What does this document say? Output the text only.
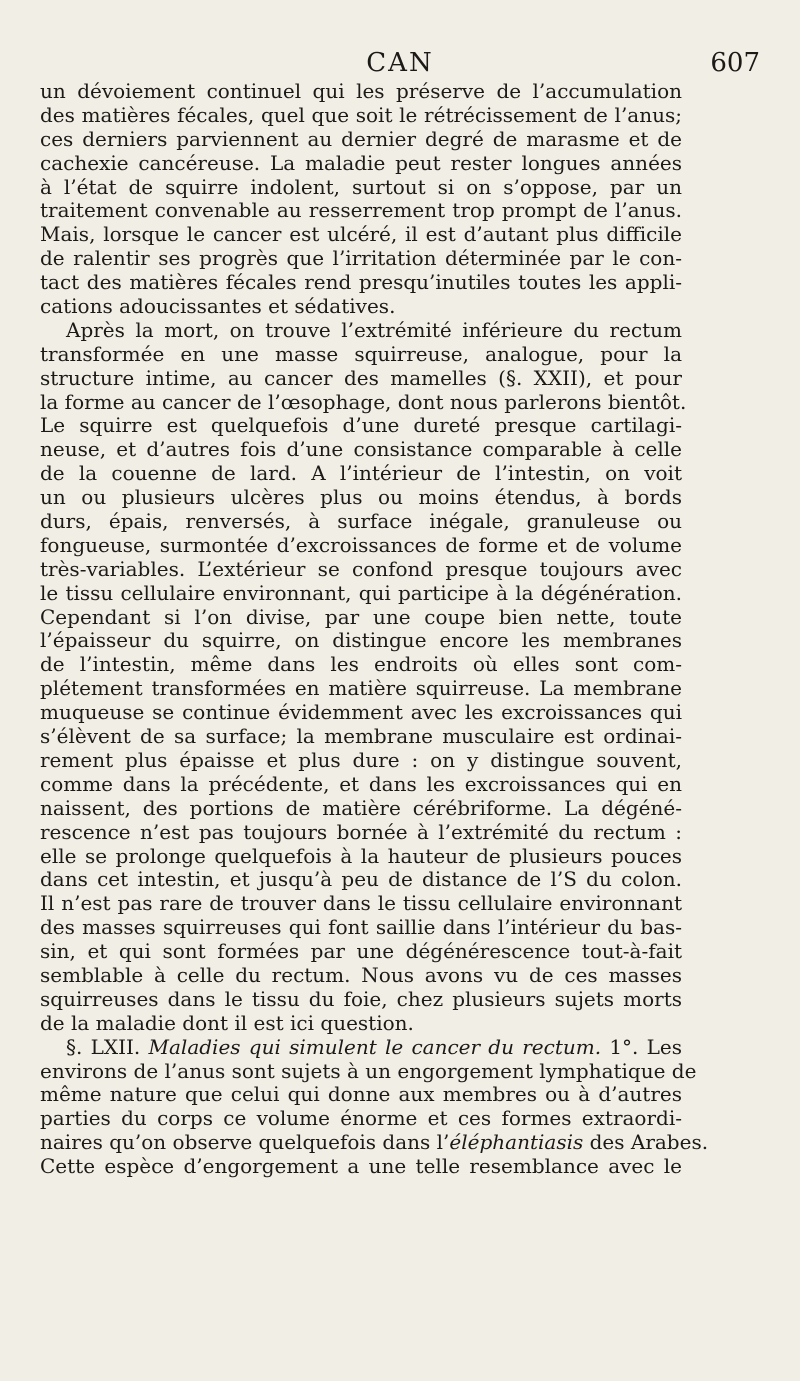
CAN	607
un dévoiement continuel qui les préserve de l’accumulation
des matières fécales, quel que soit le rétrécissement de l’anus;
ces derniers parviennent au dernier degré de marasme et de
cachexie cancéreuse. La maladie peut rester longues années
à l’état de squirre indolent, surtout si on s’oppose, par un
traitement convenable au resserrement trop prompt de l’anus.
Mais, lorsque le cancer est ulcéré, il est d’autant plus difficile
de ralentir ses progrès que l’irritation déterminée par le con-
tact des matières fécales rend presqu’inutiles toutes les appli-
cations adoucissantes et sédatives.
Après la mort, on trouve l’extrémité inférieure du rectum
transformée en une masse squirreuse, analogue, pour la
structure intime, au cancer des mamelles (§. XXII), et pour
la forme au cancer de l’œsophage, dont nous parlerons bientôt.
Le squirre est quelquefois d’une dureté presque cartilagi-
neuse, et d’autres fois d’une consistance comparable à celle
de la couenne de lard. A l’intérieur de l’intestin, on voit
un ou plusieurs ulcères plus ou moins étendus, à bords
durs, épais, renversés, à surface inégale, granuleuse ou
fongueuse, surmontée d’excroissances de forme et de volume
très-variables. L’extérieur se confond presque toujours avec
le tissu cellulaire environnant, qui participe à la dégénération.
Cependant si l’on divise, par une coupe bien nette, toute
l’épaisseur du squirre, on distingue encore les membranes
de l’intestin, même dans les endroits où elles sont com-
plétement transformées en matière squirreuse. La membrane
muqueuse se continue évidemment avec les excroissances qui
s’élèvent de sa surface; la membrane musculaire est ordinai-
rement plus épaisse et plus dure : on y distingue souvent,
comme dans la précédente, et dans les excroissances qui en
naissent, des portions de matière cérébriforme. La dégéné-
rescence n’est pas toujours bornée à l’extrémité du rectum :
elle se prolonge quelquefois à la hauteur de plusieurs pouces
dans cet intestin, et jusqu’à peu de distance de l’S du colon.
Il n’est pas rare de trouver dans le tissu cellulaire environnant
des masses squirreuses qui font saillie dans l’intérieur du bas-
sin, et qui sont formées par une dégénérescence tout-à-fait
semblable à celle du rectum. Nous avons vu de ces masses
squirreuses dans le tissu du foie, chez plusieurs sujets morts
de la maladie dont il est ici question.
§. LXII. Maladies qui simulent le cancer du rectum. 1°. Les
environs de l’anus sont sujets à un engorgement lymphatique de
même nature que celui qui donne aux membres ou à d’autres
parties du corps ce volume énorme et ces formes extraordi-
naires qu’on observe quelquefois dans l’éléphantiasis des Arabes.
Cette espèce d’engorgement a une telle resemblance avec le
